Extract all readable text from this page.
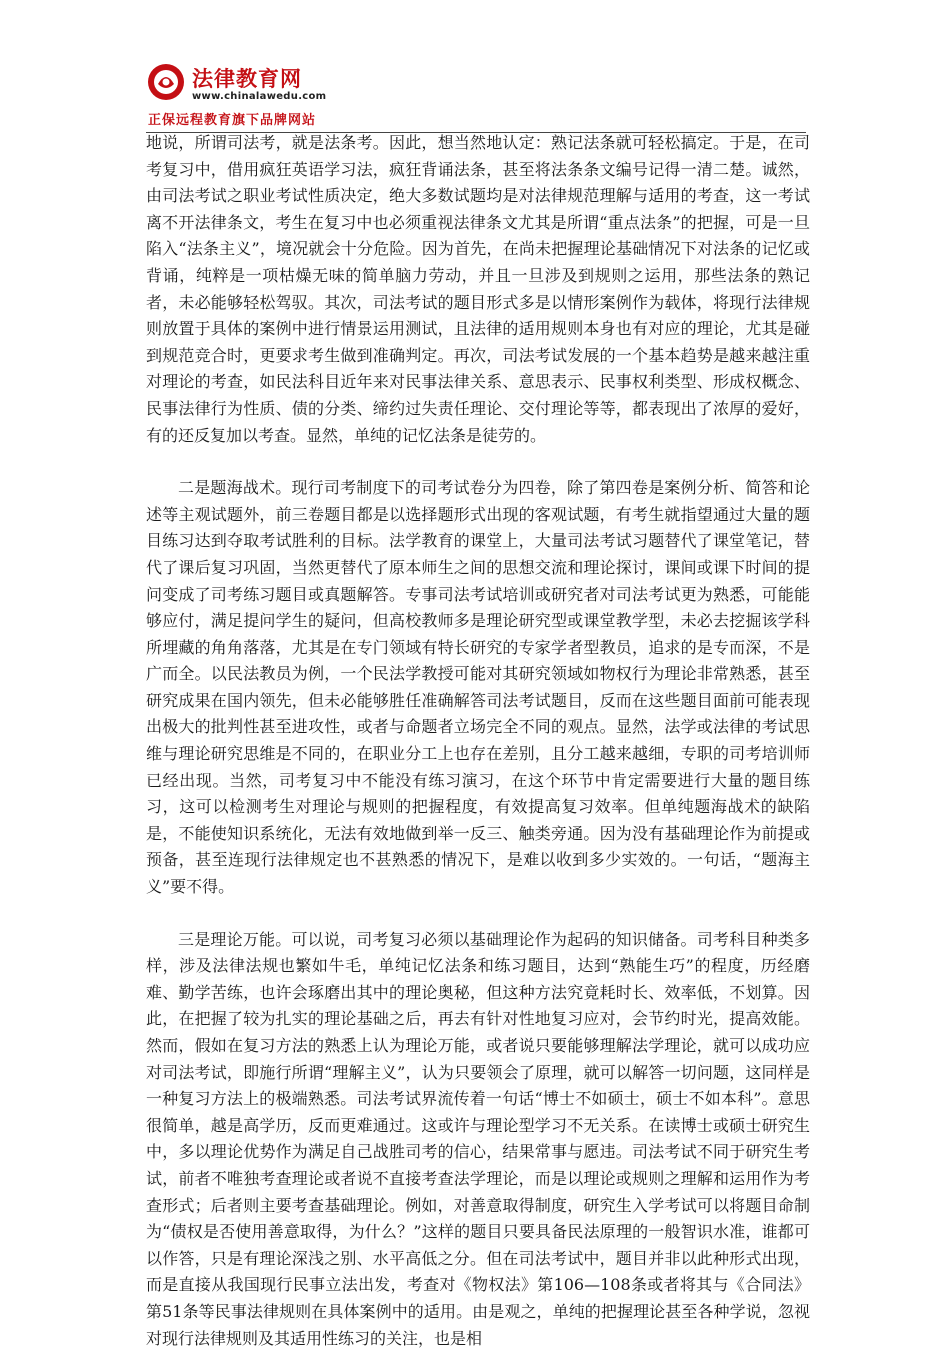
法律教育网
www.chinalawedu.com
正保远程教育旗下品牌网站

地说，所谓司法考，就是法条考。因此，想当然地认定：熟记法条就可轻松搞定。于是，在司考复习中，借用疯狂英语学习法，疯狂背诵法条，甚至将法条条文编号记得一清二楚。诚然，由司法考试之职业考试性质决定，绝大多数试题均是对法律规范理解与适用的考查，这一考试离不开法律条文，考生在复习中也必须重视法律条文尤其是所谓“重点法条”的把握，可是一旦陷入“法条主义”，境况就会十分危险。因为首先，在尚未把握理论基础情况下对法条的记忆或背诵，纯粹是一项枯燥无味的简单脑力劳动，并且一旦涉及到规则之运用，那些法条的熟记者，未必能够轻松驾驭。其次，司法考试的题目形式多是以情形案例作为载体，将现行法律规则放置于具体的案例中进行情景运用测试，且法律的适用规则本身也有对应的理论，尤其是碰到规范竞合时，更要求考生做到准确判定。再次，司法考试发展的一个基本趋势是越来越注重对理论的考查，如民法科目近年来对民事法律关系、意思表示、民事权利类型、形成权概念、民事法律行为性质、债的分类、缔约过失责任理论、交付理论等等，都表现出了浓厚的爱好，有的还反复加以考查。显然，单纯的记忆法条是徒劳的。

二是题海战术。现行司考制度下的司考试卷分为四卷，除了第四卷是案例分析、简答和论述等主观试题外，前三卷题目都是以选择题形式出现的客观试题，有考生就指望通过大量的题目练习达到夺取考试胜利的目标。法学教育的课堂上，大量司法考试习题替代了课堂笔记，替代了课后复习巩固，当然更替代了原本师生之间的思想交流和理论探讨，课间或课下时间的提问变成了司考练习题目或真题解答。专事司法考试培训或研究者对司法考试更为熟悉，可能能够应付，满足提问学生的疑问，但高校教师多是理论研究型或课堂教学型，未必去挖掘该学科所埋藏的角角落落，尤其是在专门领域有特长研究的专家学者型教员，追求的是专而深，不是广而全。以民法教员为例，一个民法学教授可能对其研究领域如物权行为理论非常熟悉，甚至研究成果在国内领先，但未必能够胜任准确解答司法考试题目，反而在这些题目面前可能表现出极大的批判性甚至进攻性，或者与命题者立场完全不同的观点。显然，法学或法律的考试思维与理论研究思维是不同的，在职业分工上也存在差别，且分工越来越细，专职的司考培训师已经出现。当然，司考复习中不能没有练习演习，在这个环节中肯定需要进行大量的题目练习，这可以检测考生对理论与规则的把握程度，有效提高复习效率。但单纯题海战术的缺陷是，不能使知识系统化，无法有效地做到举一反三、触类旁通。因为没有基础理论作为前提或预备，甚至连现行法律规定也不甚熟悉的情况下，是难以收到多少实效的。一句话，“题海主义”要不得。

三是理论万能。可以说，司考复习必须以基础理论作为起码的知识储备。司考科目种类多样，涉及法律法规也繁如牛毛，单纯记忆法条和练习题目，达到“熟能生巧”的程度，历经磨难、勤学苦练，也许会琢磨出其中的理论奥秘，但这种方法究竟耗时长、效率低，不划算。因此，在把握了较为扎实的理论基础之后，再去有针对性地复习应对，会节约时光，提高效能。然而，假如在复习方法的熟悉上认为理论万能，或者说只要能够理解法学理论，就可以成功应对司法考试，即施行所谓“理解主义”，认为只要领会了原理，就可以解答一切问题，这同样是一种复习方法上的极端熟悉。司法考试界流传着一句话“博士不如硕士，硕士不如本科”。意思很简单，越是高学历，反而更难通过。这或许与理论型学习不无关系。在读博士或硕士研究生中，多以理论优势作为满足自己战胜司考的信心，结果常事与愿违。司法考试不同于研究生考试，前者不唯独考查理论或者说不直接考查法学理论，而是以理论或规则之理解和运用作为考查形式；后者则主要考查基础理论。例如，对善意取得制度，研究生入学考试可以将题目命制为“债权是否使用善意取得，为什么？”这样的题目只要具备民法原理的一般智识水准，谁都可以作答，只是有理论深浅之别、水平高低之分。但在司法考试中，题目并非以此种形式出现，而是直接从我国现行民事立法出发，考查对《物权法》第106—108条或者将其与《合同法》第51条等民事法律规则在具体案例中的适用。由是观之，单纯的把握理论甚至各种学说，忽视对现行法律规则及其适用性练习的关注，也是相
